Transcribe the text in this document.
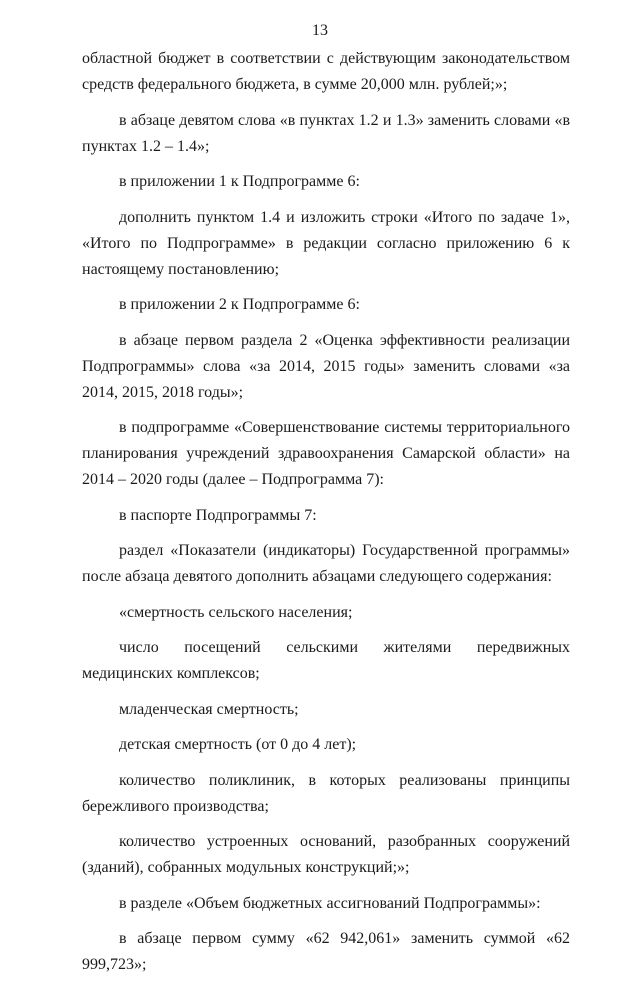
13

областной бюджет в соответствии с действующим законодательством средств федерального бюджета, в сумме 20,000 млн. рублей;»;

в абзаце девятом слова «в пунктах 1.2 и 1.3» заменить словами «в пунктах 1.2 – 1.4»;

в приложении 1 к Подпрограмме 6:

дополнить пунктом 1.4 и изложить строки «Итого по задаче 1», «Итого по Подпрограмме» в редакции согласно приложению 6 к настоящему постановлению;

в приложении 2 к Подпрограмме 6:

в абзаце первом раздела 2 «Оценка эффективности реализации Подпрограммы» слова «за 2014, 2015 годы» заменить словами «за 2014, 2015, 2018 годы»;

в подпрограмме «Совершенствование системы территориального планирования учреждений здравоохранения Самарской области» на 2014 – 2020 годы (далее – Подпрограмма 7):

в паспорте Подпрограммы 7:

раздел «Показатели (индикаторы) Государственной программы» после абзаца девятого дополнить абзацами следующего содержания:

«смертность сельского населения;

число посещений сельскими жителями передвижных медицинских комплексов;

младенческая смертность;

детская смертность (от 0 до 4 лет);

количество поликлиник, в которых реализованы принципы бережливого производства;

количество устроенных оснований, разобранных сооружений (зданий), собранных модульных конструкций;»;

в разделе «Объем бюджетных ассигнований Подпрограммы»:

в абзаце первом сумму «62 942,061» заменить суммой «62 999,723»;
